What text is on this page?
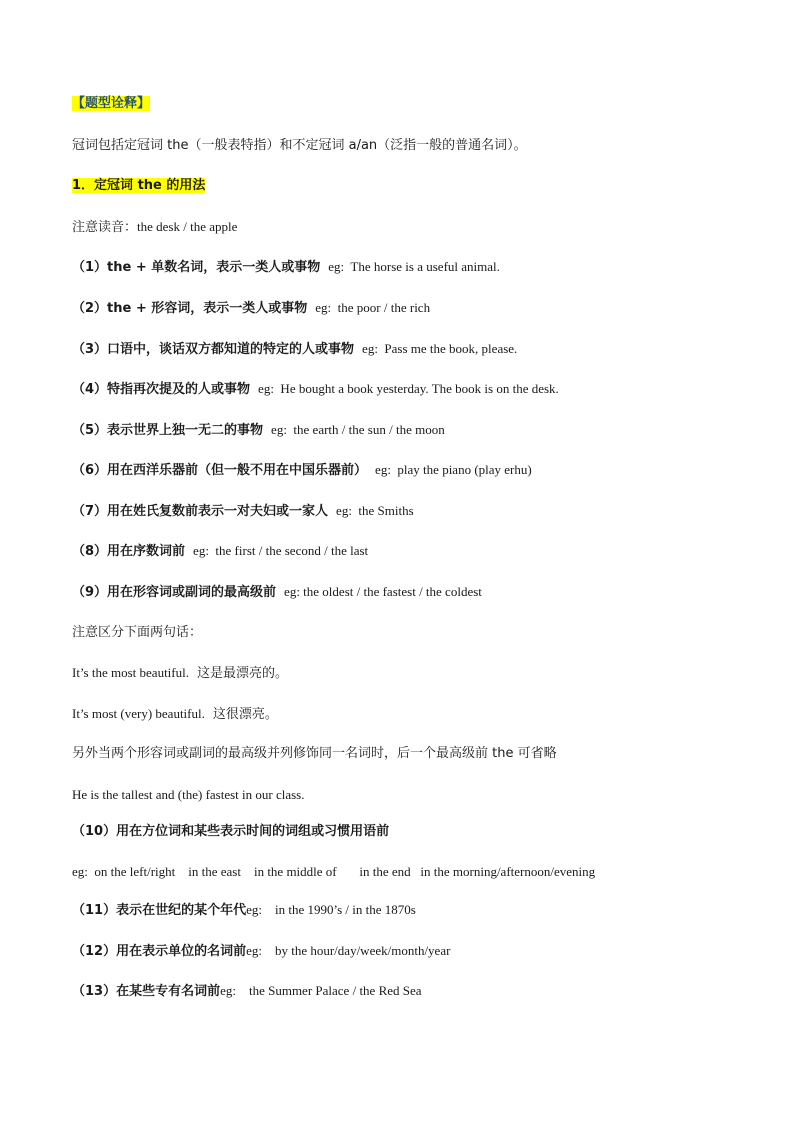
【题型诠释】
冠词包括定冠词 the（一般表特指）和不定冠词 a/an（泛指一般的普通名词）。
1．定冠词 the 的用法
注意读音：the desk / the apple
（1）the + 单数名词，表示一类人或事物 eg:  The horse is a useful animal.
（2）the + 形容词，表示一类人或事物 eg:  the poor / the rich
（3）口语中，谈话双方都知道的特定的人或事物 eg:  Pass me the book, please.
（4）特指再次提及的人或事物 eg:  He bought a book yesterday. The book is on the desk.
（5）表示世界上独一无二的事物 eg:  the earth / the sun / the moon
（6）用在西洋乐器前（但一般不用在中国乐器前） eg:  play the piano (play erhu)
（7）用在姓氏复数前表示一对夫妇或一家人 eg:  the Smiths
（8）用在序数词前 eg:  the first / the second / the last
（9）用在形容词或副词的最高级前 eg: the oldest / the fastest / the coldest
注意区分下面两句话：
It’s the most beautiful. 这是最漂亮的。
It’s most (very) beautiful. 这很漂亮。
另外当两个形容词或副词的最高级并列修饰同一名词时，后一个最高级前 the 可省略
He is the tallest and (the) fastest in our class.
（10）用在方位词和某些表示时间的词组或习惯用语前
eg:  on the left/right    in the east    in the middle of       in the end   in the morning/afternoon/evening
（11）表示在世纪的某个年代eg:    in the 1990’s / in the 1870s
（12）用在表示单位的名词前eg:    by the hour/day/week/month/year
（13）在某些专有名词前eg:    the Summer Palace / the Red Sea
